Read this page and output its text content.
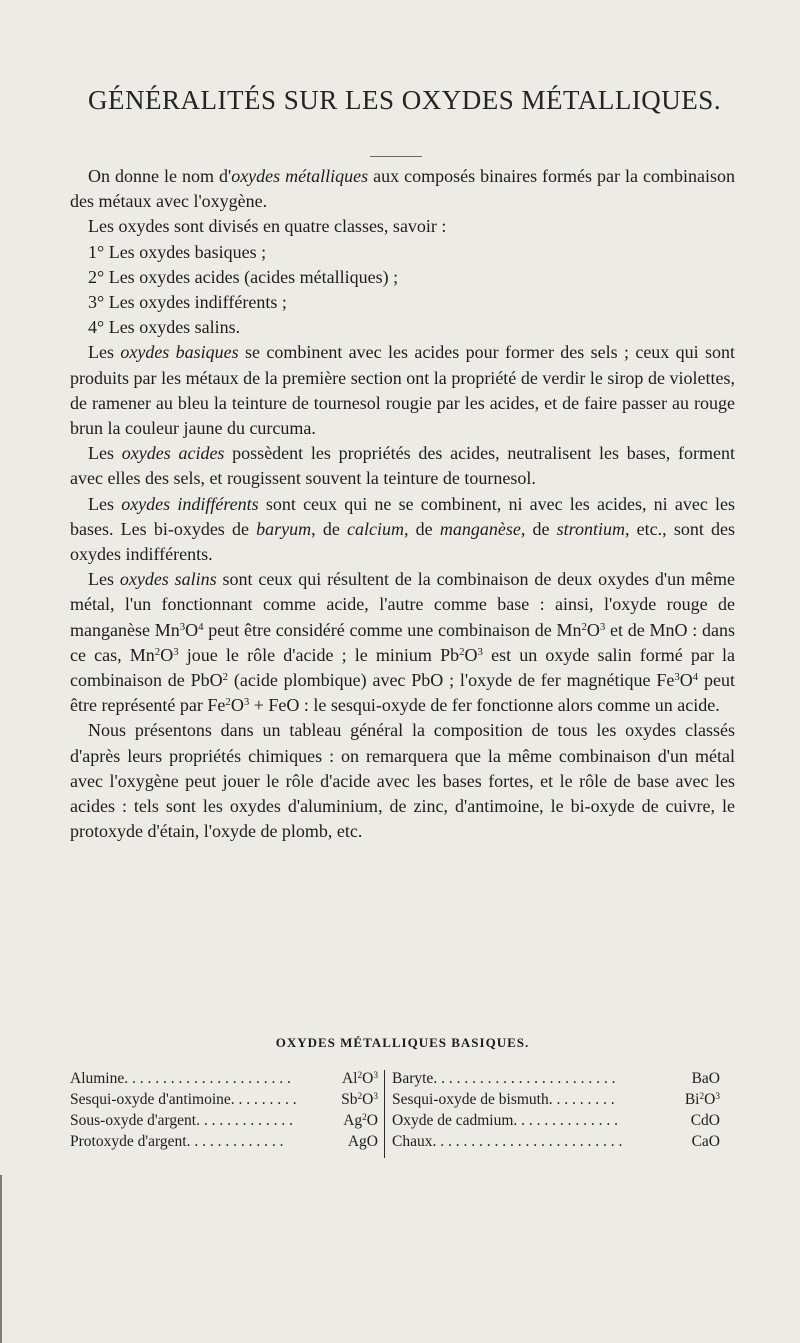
GÉNÉRALITÉS SUR LES OXYDES MÉTALLIQUES.

On donne le nom d'oxydes métalliques aux composés binaires formés par la combinaison des métaux avec l'oxygène.

Les oxydes sont divisés en quatre classes, savoir :

1° Les oxydes basiques ;

2° Les oxydes acides (acides métalliques) ;

3° Les oxydes indifférents ;

4° Les oxydes salins.

Les oxydes basiques se combinent avec les acides pour former des sels ; ceux qui sont produits par les métaux de la première section ont la propriété de verdir le sirop de violettes, de ramener au bleu la teinture de tournesol rougie par les acides, et de faire passer au rouge brun la couleur jaune du curcuma.

Les oxydes acides possèdent les propriétés des acides, neutralisent les bases, forment avec elles des sels, et rougissent souvent la teinture de tournesol.

Les oxydes indifférents sont ceux qui ne se combinent, ni avec les acides, ni avec les bases. Les bi-oxydes de baryum, de calcium, de manganèse, de strontium, etc., sont des oxydes indifférents.

Les oxydes salins sont ceux qui résultent de la combinaison de deux oxydes d'un même métal, l'un fonctionnant comme acide, l'autre comme base : ainsi, l'oxyde rouge de manganèse $Mn^3O^4$ peut être considéré comme une combinaison de $Mn^2O^3$ et de MnO : dans ce cas, $Mn^2O^3$ joue le rôle d'acide ; le minium $Pb^2O^3$ est un oxyde salin formé par la combinaison de PbO$^2$ (acide plombique) avec PbO ; l'oxyde de fer magnétique $Fe^3O^4$ peut être représenté par $Fe^2O^3$ + FeO : le sesqui-oxyde de fer fonctionne alors comme un acide.

Nous présentons dans un tableau général la composition de tous les oxydes classés d'après leurs propriétés chimiques : on remarquera que la même combinaison d'un métal avec l'oxygène peut jouer le rôle d'acide avec les bases fortes, et le rôle de base avec les acides : tels sont les oxydes d'aluminium, de zinc, d'antimoine, le bi-oxyde de cuivre, le protoxyde d'étain, l'oxyde de plomb, etc.

OXYDES MÉTALLIQUES BASIQUES.
Alumine . . . . . . . . . . . . . . . . . . . . . .	$Al^2O^3$
Sesqui-oxyde d'antimoine . . . . . . . . .	$Sb^2O^3$
Sous-oxyde d'argent . . . . . . . . . . . . .	Ag$^2$O
Protoxyde d'argent . . . . . . . . . . . . .	AgO
Baryte . . . . . . . . . . . . . . . . . . . . . . . .	BaO
Sesqui-oxyde de bismuth . . . . . . . . .	$Bi^2O^3$
Oxyde de cadmium . . . . . . . . . . . . . .	CdO
Chaux . . . . . . . . . . . . . . . . . . . . . . . . .	CaO
